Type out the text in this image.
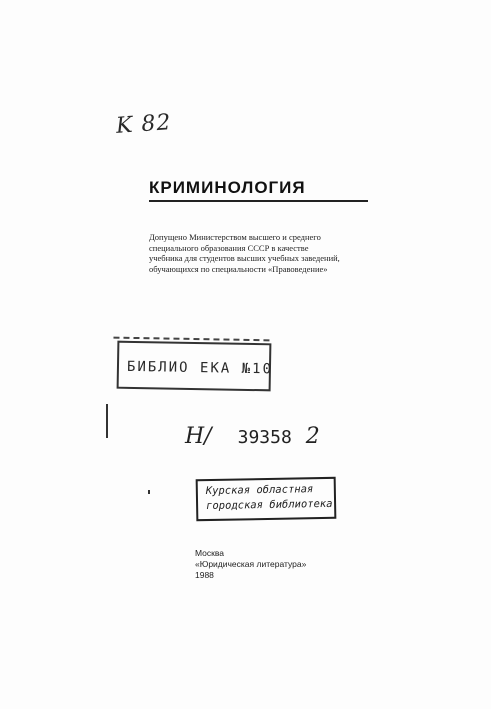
K 82
КРИМИНОЛОГИЯ
Допущено Министерством высшего и среднего
специального образования СССР в качестве
учебника для студентов высших учебных заведений,
обучающихся по специальности «Правоведение»
БИБЛИО ЕКА №10
Н/ 39358 2
Курская областная
городская библиотека
Москва
«Юридическая литература»
1988
